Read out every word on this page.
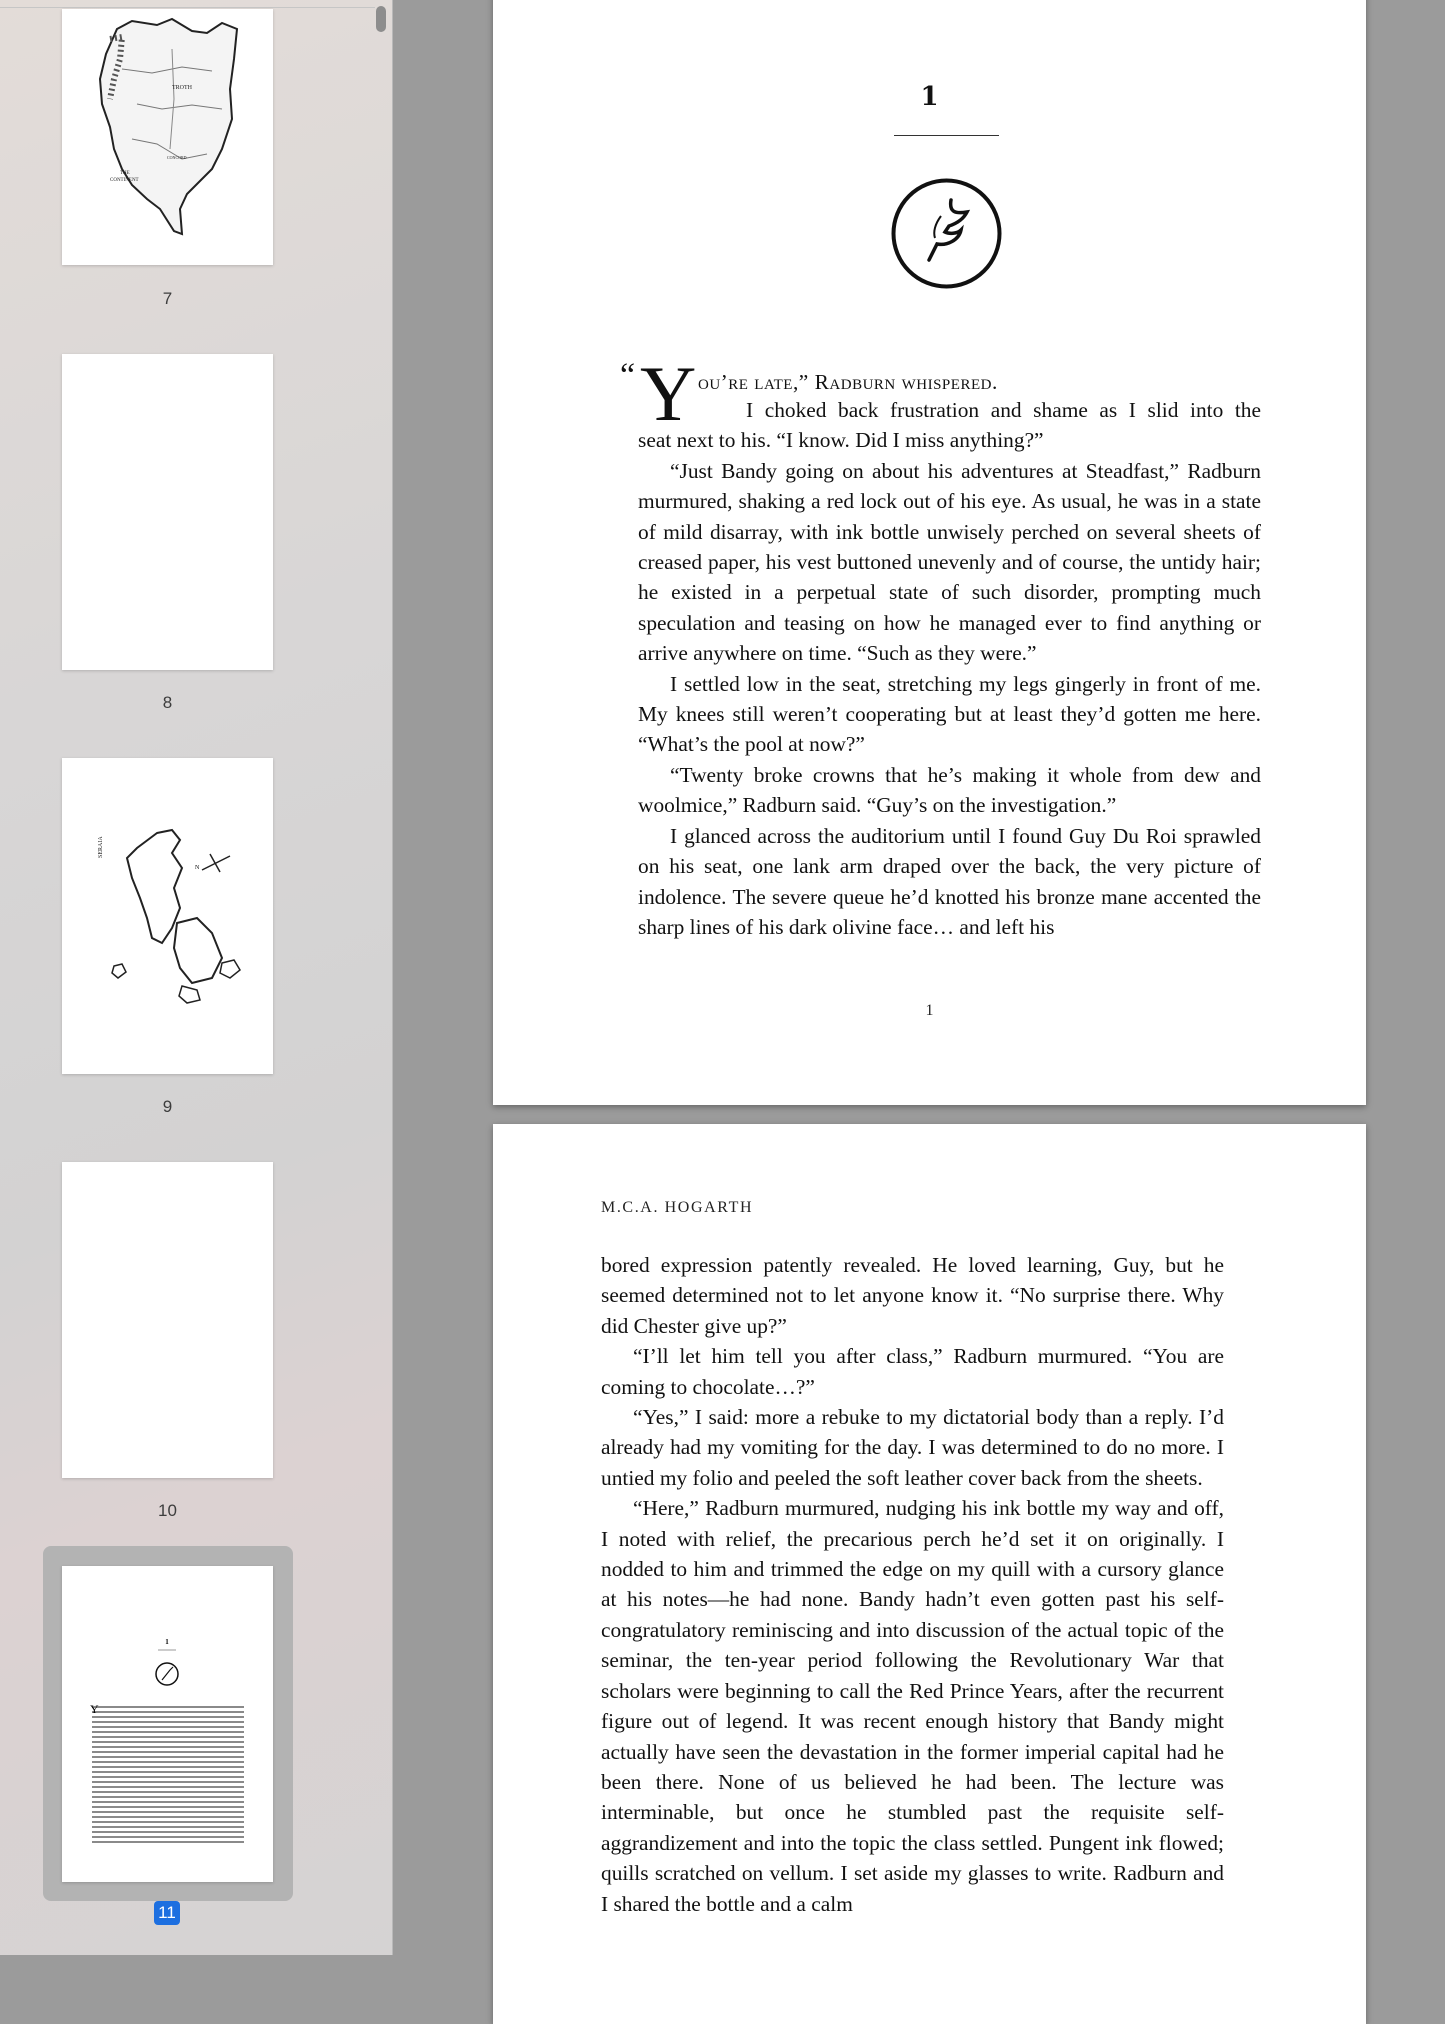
TROTH
THE
CONTINENT
CONCORD
7
8
SERAIA
N
9
10
1
Y
11
1
“ Y ou’re late,” Radburn whispered.

I choked back frustration and shame as I slid into the

seat next to his. “I know. Did I miss anything?”

“Just Bandy going on about his adventures at Steadfast,” Radburn murmured, shaking a red lock out of his eye. As usual, he was in a state of mild disarray, with ink bottle unwisely perched on several sheets of creased paper, his vest buttoned unevenly and of course, the untidy hair; he existed in a perpetual state of such disorder, prompting much speculation and teasing on how he managed ever to find anything or arrive anywhere on time. “Such as they were.”

I settled low in the seat, stretching my legs gingerly in front of me. My knees still weren’t cooperating but at least they’d gotten me here. “What’s the pool at now?”

“Twenty broke crowns that he’s making it whole from dew and woolmice,” Radburn said. “Guy’s on the investigation.”

I glanced across the auditorium until I found Guy Du Roi sprawled on his seat, one lank arm draped over the back, the very picture of indolence. The severe queue he’d knotted his bronze mane accented the sharp lines of his dark olivine face… and left his

1
M.C.A. HOGARTH

bored expression patently revealed. He loved learning, Guy, but he seemed determined not to let anyone know it. “No surprise there. Why did Chester give up?”

“I’ll let him tell you after class,” Radburn murmured. “You are coming to chocolate…?”

“Yes,” I said: more a rebuke to my dictatorial body than a reply. I’d already had my vomiting for the day. I was determined to do no more. I untied my folio and peeled the soft leather cover back from the sheets.

“Here,” Radburn murmured, nudging his ink bottle my way and off, I noted with relief, the precarious perch he’d set it on originally. I nodded to him and trimmed the edge on my quill with a cursory glance at his notes—he had none. Bandy hadn’t even gotten past his self-congratulatory reminiscing and into discussion of the actual topic of the seminar, the ten-year period following the Revolutionary War that scholars were beginning to call the Red Prince Years, after the recurrent figure out of legend. It was recent enough history that Bandy might actually have seen the devastation in the former imperial capital had he been there. None of us believed he had been. The lecture was interminable, but once he stumbled past the requisite self-aggrandizement and into the topic the class settled. Pungent ink flowed; quills scratched on vellum. I set aside my glasses to write. Radburn and I shared the bottle and a calm
